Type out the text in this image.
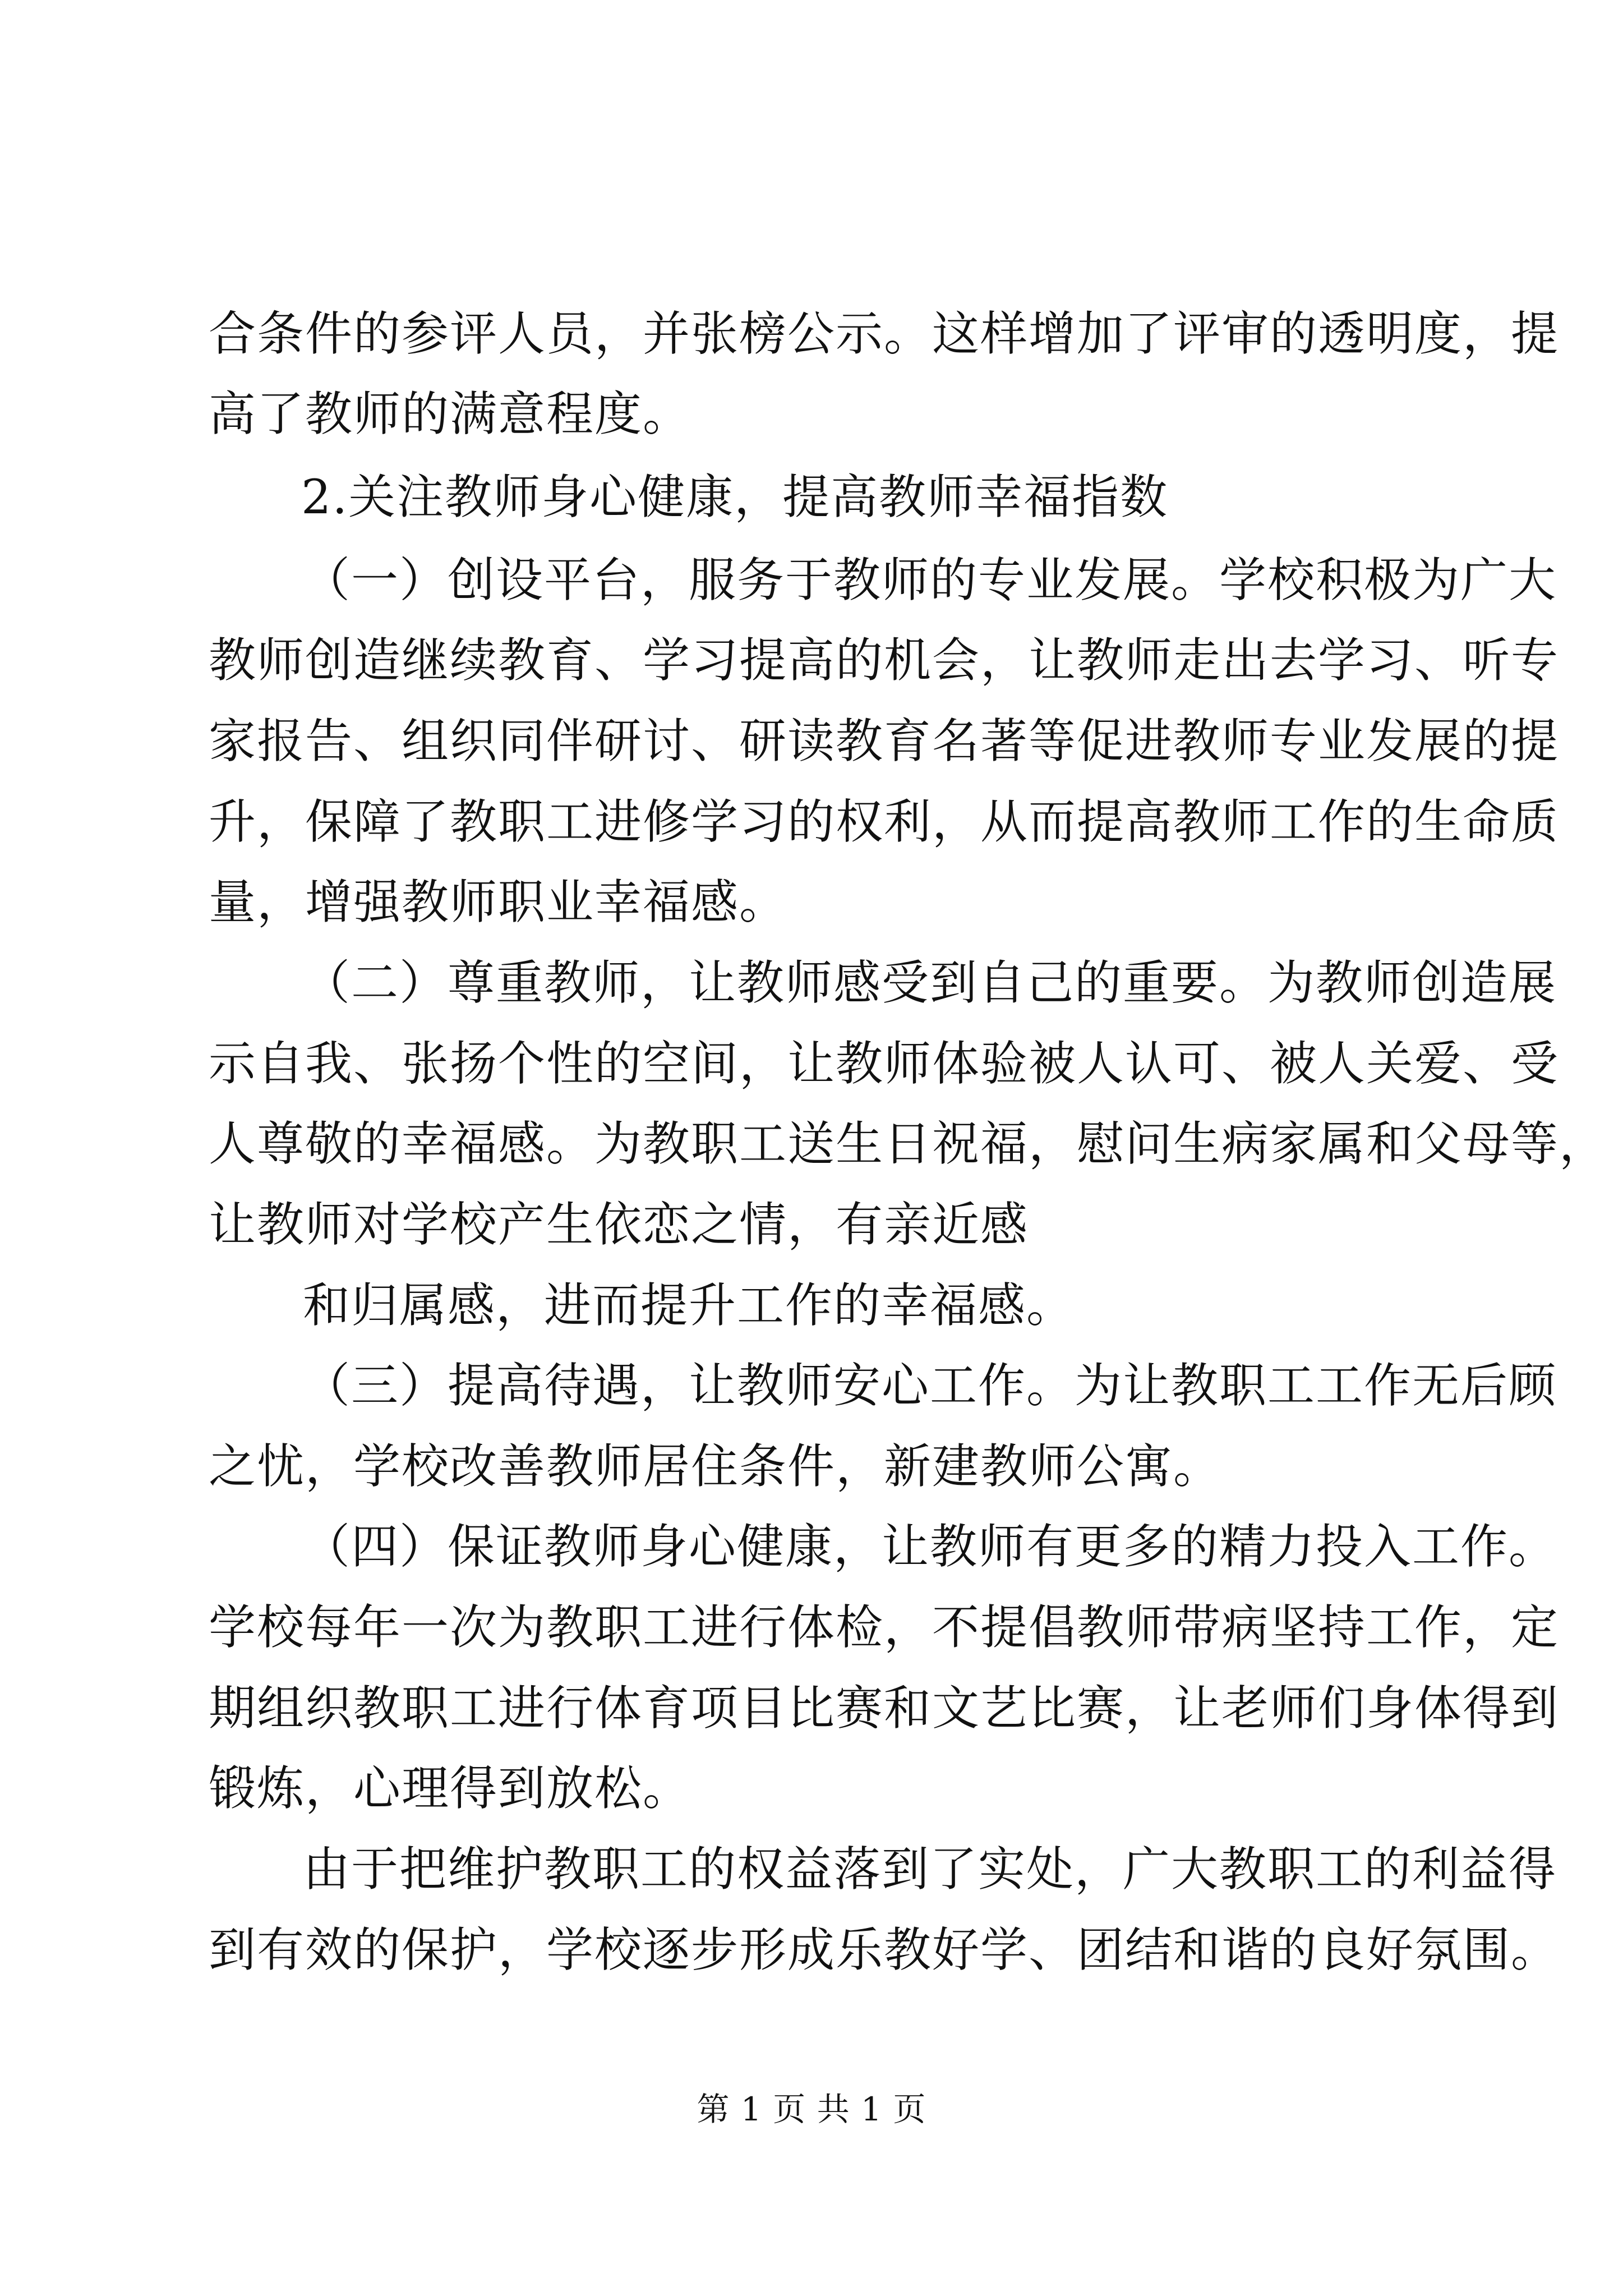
合条件的参评人员，并张榜公示。这样增加了评审的透明度，提
高了教师的满意程度。
2.关注教师身心健康，提高教师幸福指数
（一）创设平台，服务于教师的专业发展。学校积极为广大
教师创造继续教育、学习提高的机会，让教师走出去学习、听专
家报告、组织同伴研讨、研读教育名著等促进教师专业发展的提
升，保障了教职工进修学习的权利，从而提高教师工作的生命质
量，增强教师职业幸福感。
（二）尊重教师，让教师感受到自己的重要。为教师创造展
示自我、张扬个性的空间，让教师体验被人认可、被人关爱、受
人尊敬的幸福感。为教职工送生日祝福，慰问生病家属和父母等，
让教师对学校产生依恋之情，有亲近感
和归属感，进而提升工作的幸福感。
（三）提高待遇，让教师安心工作。为让教职工工作无后顾
之忧，学校改善教师居住条件，新建教师公寓。
（四）保证教师身心健康，让教师有更多的精力投入工作。
学校每年一次为教职工进行体检，不提倡教师带病坚持工作，定
期组织教职工进行体育项目比赛和文艺比赛，让老师们身体得到
锻炼，心理得到放松。
由于把维护教职工的权益落到了实处，广大教职工的利益得
到有效的保护，学校逐步形成乐教好学、团结和谐的良好氛围。
第 1 页 共 1 页
